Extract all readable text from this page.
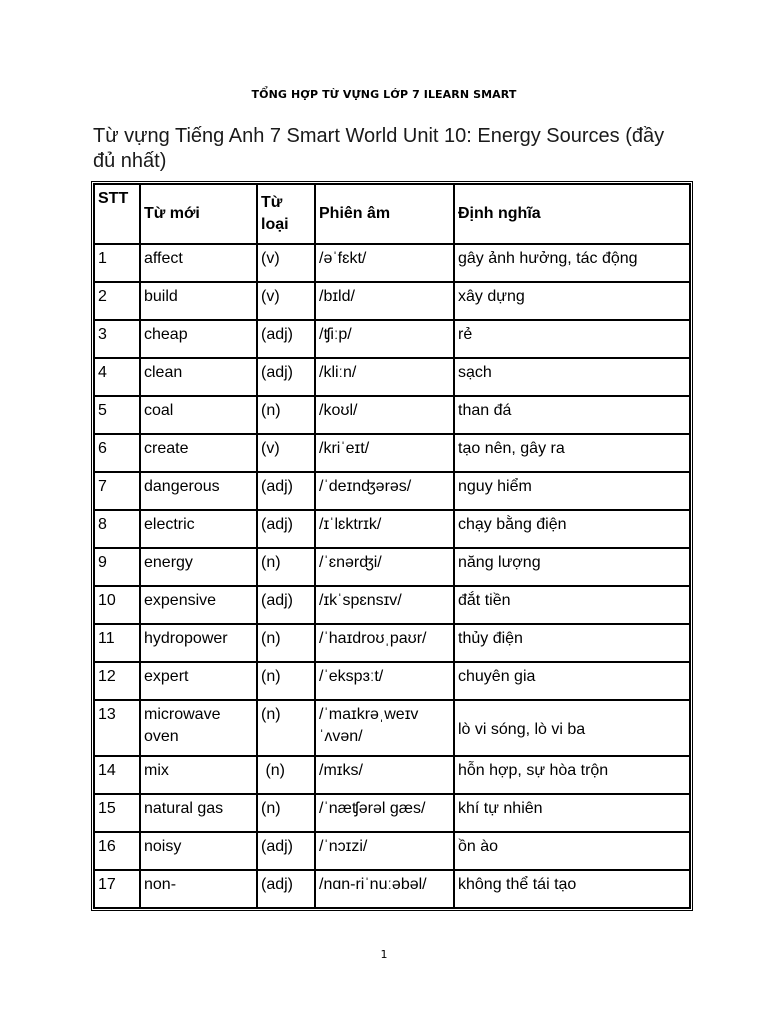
TỔNG HỢP TỪ VỰNG LỚP 7 ILEARN SMART
Từ vựng Tiếng Anh 7 Smart World Unit 10: Energy Sources (đầy đủ nhất)
STT	Từ mới	Từ loại	Phiên âm	Định nghĩa
1	affect	(v)	/əˈfɛkt/	gây ảnh hưởng, tác động
2	build	(v)	/bɪld/	xây dựng
3	cheap	(adj)	/ʧiːp/	rẻ
4	clean	(adj)	/kliːn/	sạch
5	coal	(n)	/koʊl/	than đá
6	create	(v)	/kriˈeɪt/	tạo nên, gây ra
7	dangerous	(adj)	/ˈdeɪnʤərəs/	nguy hiểm
8	electric	(adj)	/ɪˈlɛktrɪk/	chạy bằng điện
9	energy	(n)	/ˈɛnərʤi/	năng lượng
10	expensive	(adj)	/ɪkˈspɛnsɪv/	đắt tiền
11	hydropower	(n)	/ˈhaɪdroʊˌpaʊr/	thủy điện
12	expert	(n)	/ˈekspɜːt/	chuyên gia
13	microwave oven	(n)	/ˈmaɪkrəˌweɪv ˈʌvən/	lò vi sóng, lò vi ba
14	mix	(n)	/mɪks/	hỗn hợp, sự hòa trộn
15	natural gas	(n)	/ˈnæʧərəl gæs/	khí tự nhiên
16	noisy	(adj)	/ˈnɔɪzi/	ồn ào
17	non-	(adj)	/nɑn-riˈnuːəbəl/	không thể tái tạo
1
